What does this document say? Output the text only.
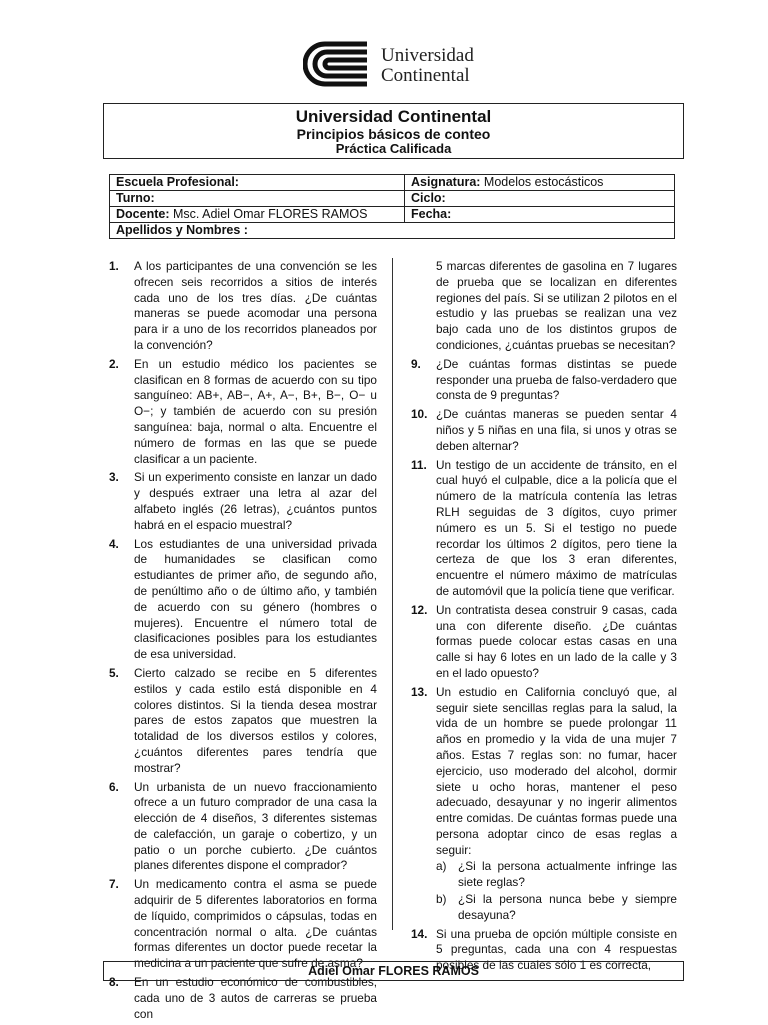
Universidad
Continental
Universidad Continental
Principios básicos de conteo
Práctica Calificada
Escuela Profesional:	Asignatura: Modelos estocásticos
Turno:	Ciclo:
Docente: Msc. Adiel Omar FLORES RAMOS	Fecha:
Apellidos y Nombres :	
1.	A los participantes de una convención se les ofrecen seis recorridos a sitios de interés cada uno de los tres días. ¿De cuántas maneras se puede acomodar una persona para ir a uno de los recorridos planeados por la convención?
2.	En un estudio médico los pacientes se clasifican en 8 formas de acuerdo con su tipo sanguíneo: AB+, AB−, A+, A−, B+, B−, O− u O−; y también de acuerdo con su presión sanguínea: baja, normal o alta. Encuentre el número de formas en las que se puede clasificar a un paciente.
3.	Si un experimento consiste en lanzar un dado y después extraer una letra al azar del alfabeto inglés (26 letras), ¿cuántos puntos habrá en el espacio muestral?
4.	Los estudiantes de una universidad privada de humanidades se clasifican como estudiantes de primer año, de segundo año, de penúltimo año o de último año, y también de acuerdo con su género (hombres o mujeres). Encuentre el número total de clasificaciones posibles para los estudiantes de esa universidad.
5.	Cierto calzado se recibe en 5 diferentes estilos y cada estilo está disponible en 4 colores distintos. Si la tienda desea mostrar pares de estos zapatos que muestren la totalidad de los diversos estilos y colores, ¿cuántos diferentes pares tendría que mostrar?
6.	Un urbanista de un nuevo fraccionamiento ofrece a un futuro comprador de una casa la elección de 4 diseños, 3 diferentes sistemas de calefacción, un garaje o cobertizo, y un patio o un porche cubierto. ¿De cuántos planes diferentes dispone el comprador?
7.	Un medicamento contra el asma se puede adquirir de 5 diferentes laboratorios en forma de líquido, comprimidos o cápsulas, todas en concentración normal o alta. ¿De cuántas formas diferentes un doctor puede recetar la medicina a un paciente que sufre de asma?
8.	En un estudio económico de combustibles, cada uno de 3 autos de carreras se prueba con
5 marcas diferentes de gasolina en 7 lugares de prueba que se localizan en diferentes regiones del país. Si se utilizan 2 pilotos en el estudio y las pruebas se realizan una vez bajo cada uno de los distintos grupos de condiciones, ¿cuántas pruebas se necesitan?
9.	¿De cuántas formas distintas se puede responder una prueba de falso-verdadero que consta de 9 preguntas?
10. ¿De cuántas maneras se pueden sentar 4 niños y 5 niñas en una fila, si unos y otras se deben alternar?
11. Un testigo de un accidente de tránsito, en el cual huyó el culpable, dice a la policía que el número de la matrícula contenía las letras RLH seguidas de 3 dígitos, cuyo primer número es un 5. Si el testigo no puede recordar los últimos 2 dígitos, pero tiene la certeza de que los 3 eran diferentes, encuentre el número máximo de matrículas de automóvil que la policía tiene que verificar.
12. Un contratista desea construir 9 casas, cada una con diferente diseño. ¿De cuántas formas puede colocar estas casas en una calle si hay 6 lotes en un lado de la calle y 3 en el lado opuesto?
13. Un estudio en California concluyó que, al seguir siete sencillas reglas para la salud, la vida de un hombre se puede prolongar 11 años en promedio y la vida de una mujer 7 años. Estas 7 reglas son: no fumar, hacer ejercicio, uso moderado del alcohol, dormir siete u ocho horas, mantener el peso adecuado, desayunar y no ingerir alimentos entre comidas. De cuántas formas puede una persona adoptar cinco de esas reglas a seguir:
a) ¿Si la persona actualmente infringe las siete reglas?
b) ¿Si la persona nunca bebe y siempre desayuna?
14. Si una prueba de opción múltiple consiste en 5 preguntas, cada una con 4 respuestas posibles de las cuales sólo 1 es correcta,
Adiel Omar FLORES RAMOS
